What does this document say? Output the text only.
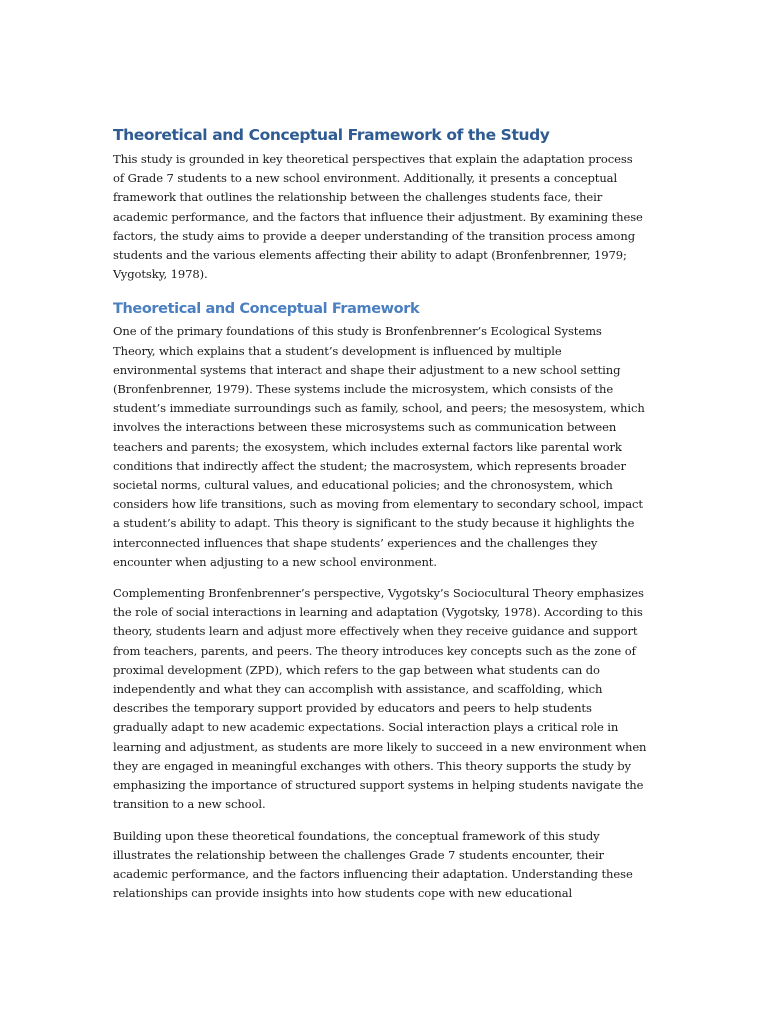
Theoretical and Conceptual Framework of the Study

This study is grounded in key theoretical perspectives that explain the adaptation process
of Grade 7 students to a new school environment. Additionally, it presents a conceptual
framework that outlines the relationship between the challenges students face, their
academic performance, and the factors that influence their adjustment. By examining these
factors, the study aims to provide a deeper understanding of the transition process among
students and the various elements affecting their ability to adapt (Bronfenbrenner, 1979;
Vygotsky, 1978).

Theoretical and Conceptual Framework

One of the primary foundations of this study is Bronfenbrenner’s Ecological Systems
Theory, which explains that a student’s development is influenced by multiple
environmental systems that interact and shape their adjustment to a new school setting
(Bronfenbrenner, 1979). These systems include the microsystem, which consists of the
student’s immediate surroundings such as family, school, and peers; the mesosystem, which
involves the interactions between these microsystems such as communication between
teachers and parents; the exosystem, which includes external factors like parental work
conditions that indirectly affect the student; the macrosystem, which represents broader
societal norms, cultural values, and educational policies; and the chronosystem, which
considers how life transitions, such as moving from elementary to secondary school, impact
a student’s ability to adapt. This theory is significant to the study because it highlights the
interconnected influences that shape students’ experiences and the challenges they
encounter when adjusting to a new school environment.

Complementing Bronfenbrenner’s perspective, Vygotsky’s Sociocultural Theory emphasizes
the role of social interactions in learning and adaptation (Vygotsky, 1978). According to this
theory, students learn and adjust more effectively when they receive guidance and support
from teachers, parents, and peers. The theory introduces key concepts such as the zone of
proximal development (ZPD), which refers to the gap between what students can do
independently and what they can accomplish with assistance, and scaffolding, which
describes the temporary support provided by educators and peers to help students
gradually adapt to new academic expectations. Social interaction plays a critical role in
learning and adjustment, as students are more likely to succeed in a new environment when
they are engaged in meaningful exchanges with others. This theory supports the study by
emphasizing the importance of structured support systems in helping students navigate the
transition to a new school.

Building upon these theoretical foundations, the conceptual framework of this study
illustrates the relationship between the challenges Grade 7 students encounter, their
academic performance, and the factors influencing their adaptation. Understanding these
relationships can provide insights into how students cope with new educational
